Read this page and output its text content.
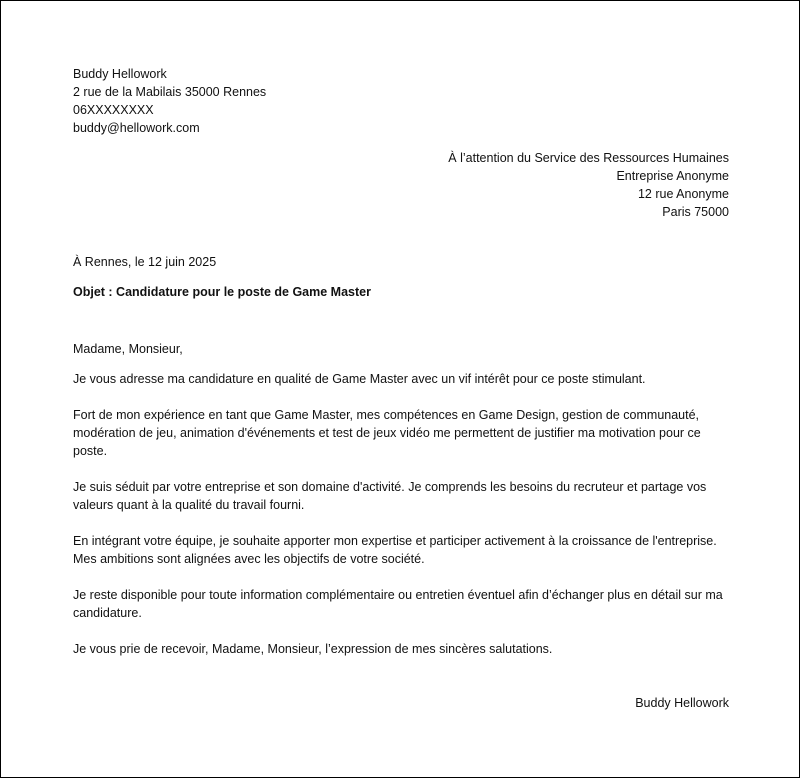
Buddy Hellowork
2 rue de la Mabilais 35000 Rennes
06XXXXXXXX
buddy@hellowork.com
À l’attention du Service des Ressources Humaines
Entreprise Anonyme
12 rue Anonyme
Paris 75000

À Rennes, le 12 juin 2025

Objet : Candidature pour le poste de Game Master

Madame, Monsieur,

Je vous adresse ma candidature en qualité de Game Master avec un vif intérêt pour ce poste stimulant.

Fort de mon expérience en tant que Game Master, mes compétences en Game Design, gestion de communauté, modération de jeu, animation d'événements et test de jeux vidéo me permettent de justifier ma motivation pour ce poste.

Je suis séduit par votre entreprise et son domaine d'activité. Je comprends les besoins du recruteur et partage vos valeurs quant à la qualité du travail fourni.

En intégrant votre équipe, je souhaite apporter mon expertise et participer activement à la croissance de l'entreprise. Mes ambitions sont alignées avec les objectifs de votre société.

Je reste disponible pour toute information complémentaire ou entretien éventuel afin d’échanger plus en détail sur ma candidature.

Je vous prie de recevoir, Madame, Monsieur, l’expression de mes sincères salutations.

Buddy Hellowork
